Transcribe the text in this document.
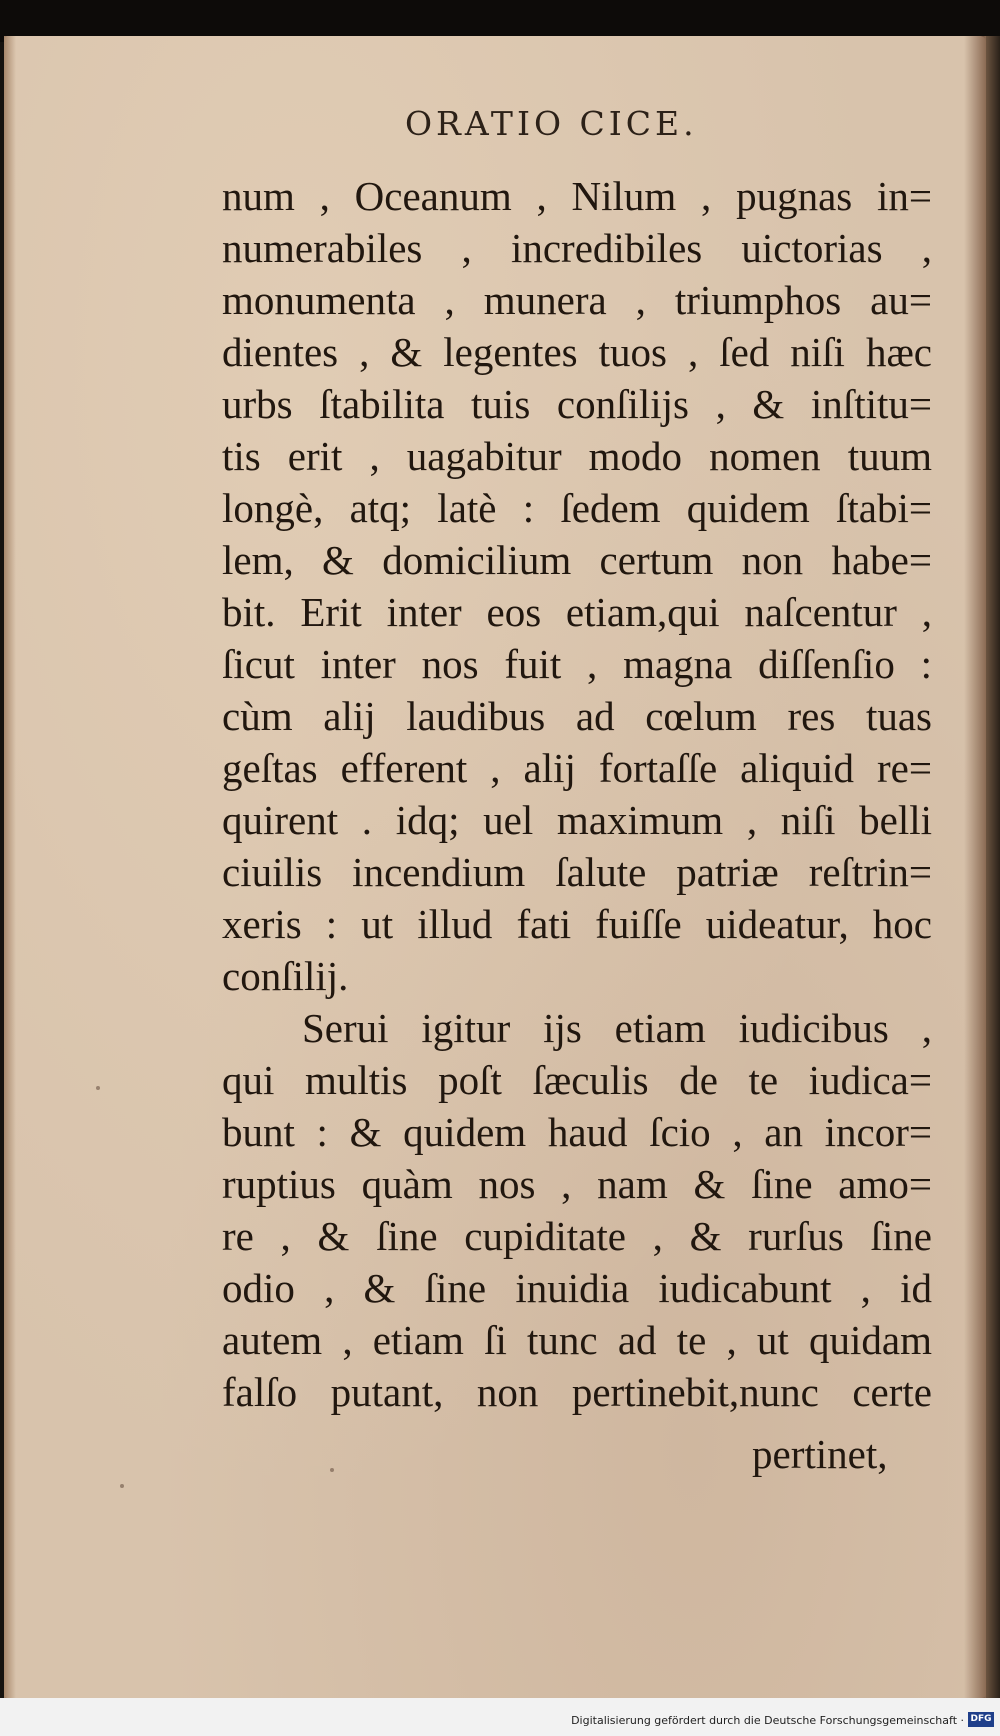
ORATIO CICE.
num , Oceanum , Nilum , pugnas in=
numerabiles , incredibiles uictorias ,
monumenta , munera , triumphos au=
dientes , & legentes tuos , ſed niſi hæc
urbs ſtabilita tuis conſilijs , & inſtitu=
tis erit , uagabitur modo nomen tuum
longè, atq; latè : ſedem quidem ſtabi=
lem, & domicilium certum non habe=
bit. Erit inter eos etiam,qui naſcentur ,
ſicut inter nos fuit , magna diſſenſio :
cùm alij laudibus ad cœlum res tuas
geſtas efferent , alij fortaſſe aliquid re=
quirent . idq; uel maximum , niſi belli
ciuilis incendium ſalute patriæ reſtrin=
xeris : ut illud fati fuiſſe uideatur, hoc
conſilij.
Serui igitur ijs etiam iudicibus ,
qui multis poſt ſæculis de te iudica=
bunt : & quidem haud ſcio , an incor=
ruptius quàm nos , nam & ſine amo=
re , & ſine cupiditate , & rurſus ſine
odio , & ſine inuidia iudicabunt , id
autem , etiam ſi tunc ad te , ut quidam
falſo putant, non pertinebit,nunc certe
pertinet,
Digitalisierung gefördert durch die Deutsche Forschungsgemeinschaft · DFG
